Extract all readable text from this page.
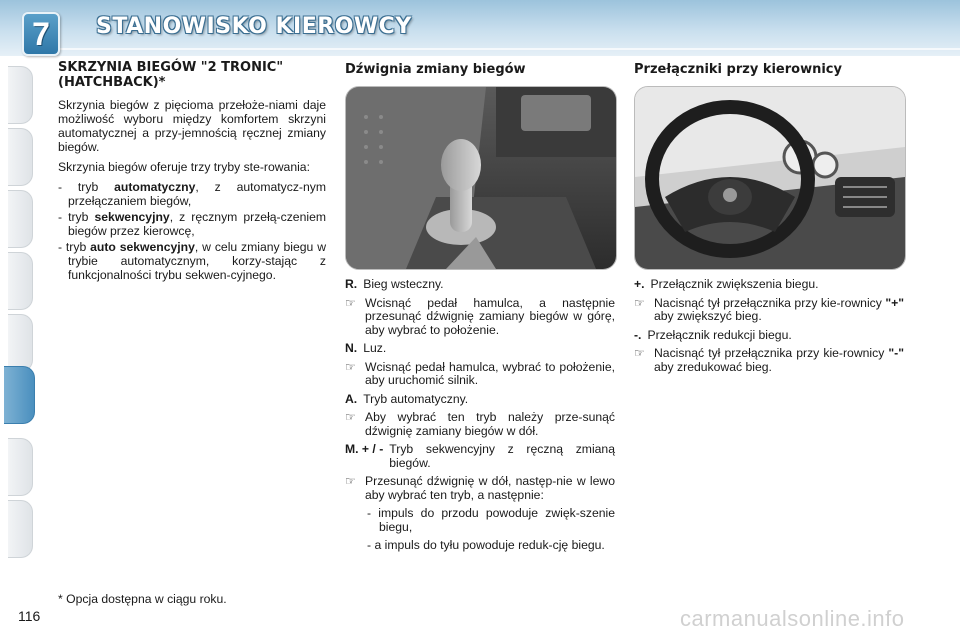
7	STANOWISKO KIEROWCY
SKRZYNIA BIEGÓW "2 TRONIC"
(HATCHBACK)*

Skrzynia biegów z pięcioma przełoże-niami daje możliwość wyboru między komfortem skrzyni automatycznej a przy-jemnością ręcznej zmiany biegów.

Skrzynia biegów oferuje trzy tryby ste-rowania:

- tryb automatyczny, z automatycz-nym przełączaniem biegów,
- tryb sekwencyjny, z ręcznym przełą-czeniem biegów przez kierowcę,
- tryb auto sekwencyjny, w celu zmiany biegu w trybie automatycznym, korzy-stając z funkcjonalności trybu sekwen-cyjnego.
Dźwignia zmiany biegów
R. Bieg wsteczny.
☞ Wcisnąć pedał hamulca, a następnie przesunąć dźwignię zamiany biegów w górę, aby wybrać to położenie.
N. Luz.
☞ Wcisnąć pedał hamulca, wybrać to położenie, aby uruchomić silnik.
A. Tryb automatyczny.
☞ Aby wybrać ten tryb należy prze-sunąć dźwignię zamiany biegów w dół.
M. + / - Tryb sekwencyjny z ręczną zmianą biegów.
☞ Przesunąć dźwignię w dół, następ-nie w lewo aby wybrać ten tryb, a następnie:
- impuls do przodu powoduje zwięk-szenie biegu,
- a impuls do tyłu powoduje reduk-cję biegu.
Przełączniki przy kierownicy
+. Przełącznik zwiększenia biegu.
☞ Nacisnąć tył przełącznika przy kie-rownicy "+" aby zwiększyć bieg.
-. Przełącznik redukcji biegu.
☞ Nacisnąć tył przełącznika przy kie-rownicy "-" aby zredukować bieg.
* Opcja dostępna w ciągu roku.
116	carmanualsonline.info
